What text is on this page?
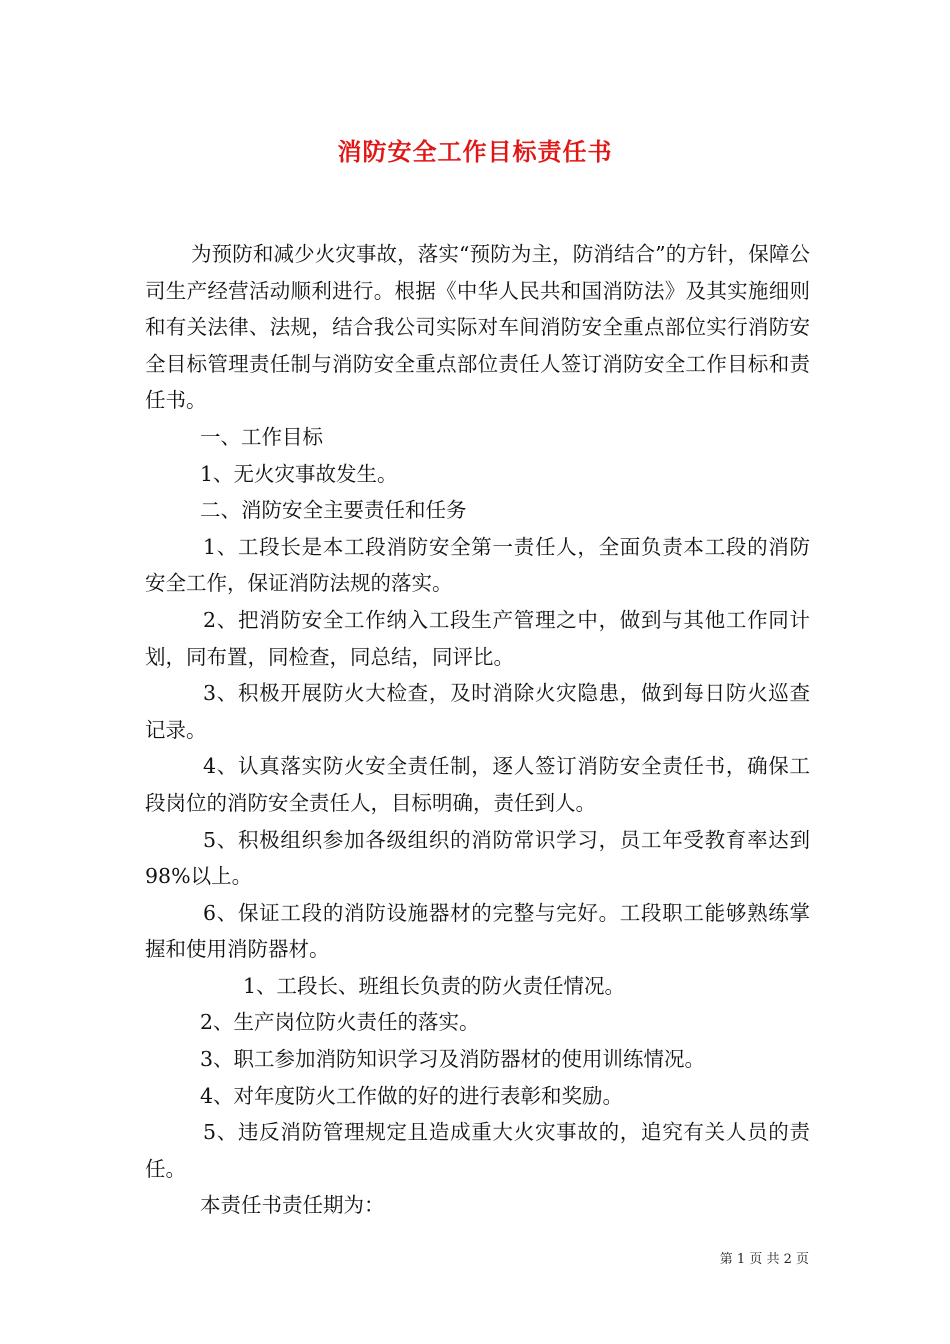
消防安全工作目标责任书

为预防和减少火灾事故，落实“预防为主，防消结合”的方针，保障公司生产经营活动顺利进行。根据《中华人民共和国消防法》及其实施细则和有关法律、法规，结合我公司实际对车间消防安全重点部位实行消防安全目标管理责任制与消防安全重点部位责任人签订消防安全工作目标和责任书。

一、工作目标

1、无火灾事故发生。

二、消防安全主要责任和任务

1、工段长是本工段消防安全第一责任人，全面负责本工段的消防安全工作，保证消防法规的落实。

2、把消防安全工作纳入工段生产管理之中，做到与其他工作同计划，同布置，同检查，同总结，同评比。

3、积极开展防火大检查，及时消除火灾隐患，做到每日防火巡查记录。

4、认真落实防火安全责任制，逐人签订消防安全责任书，确保工段岗位的消防安全责任人，目标明确，责任到人。

5、积极组织参加各级组织的消防常识学习，员工年受教育率达到98%以上。

6、保证工段的消防设施器材的完整与完好。工段职工能够熟练掌握和使用消防器材。

1、工段长、班组长负责的防火责任情况。

2、生产岗位防火责任的落实。

3、职工参加消防知识学习及消防器材的使用训练情况。

4、对年度防火工作做的好的进行表彰和奖励。

5、违反消防管理规定且造成重大火灾事故的，追究有关人员的责任。

本责任书责任期为：

第 1 页 共 2 页
